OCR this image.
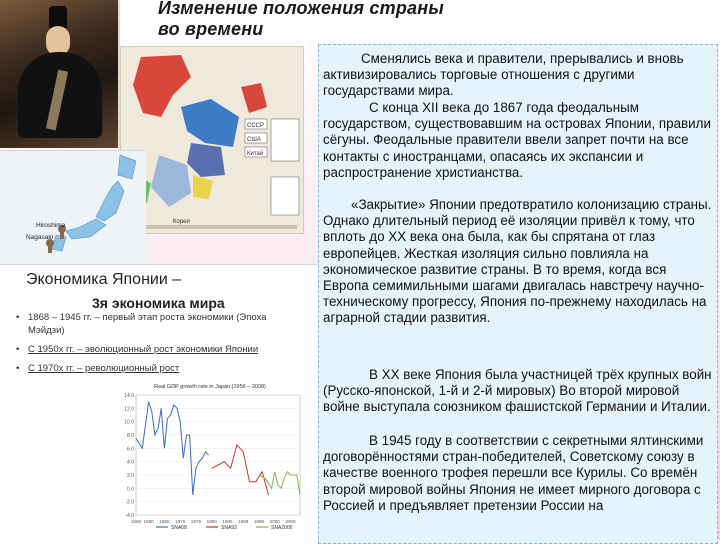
Изменение положения страны во времени
СССР
США
Китай
Корея
Hiroshima
Nagasaki
Экономика Японии –
3я экономика мира
• 1868 – 1945 гг. – первый этап роста экономики (Эпоха Мэйдзи)
• С 1950х гг. – эволюционный рост экономики Японии
• С 1970х гг. – революционный рост
Real GDP growth rate in Japan (1956 – 2008)
14.0
12.0
10.0
8.0
6.0
4.0
2.0
0.0
-2.0
-4.0
1956 1960 1965 1970 1975 1980 1985 1990 1995 2000 2005
SNA68	SNA93	SNA2000

Сменялись века и правители, прерывались и вновь активизировались торговые отношения с другими государствами мира.

С конца XII века до 1867 года феодальным государством, существовавшим на островах Японии, правили сёгуны. Феодальные правители ввели запрет почти на все контакты с иностранцами, опасаясь их экспансии и распространение христианства.

«Закрытие» Японии предотвратило колонизацию страны. Однако длительный период её изоляции привёл к тому, что вплоть до XX века она была, как бы спрятана от глаз европейцев. Жесткая изоляция сильно повлияла на экономическое развитие страны. В то время, когда вся Европа семимильными шагами двигалась навстречу научно-техническому прогрессу, Япония по-прежнему находилась на аграрной стадии развития.

В XX веке Япония была участницей трёх крупных войн (Русско-японской, 1-й и 2-й мировых) Во второй мировой войне выступала союзником фашистской Германии и Италии.

В 1945 году в соответствии с секретными ялтинскими договорённостями стран-победителей, Советскому союзу в качестве военного трофея перешли все Курилы. Со времён второй мировой войны Япония не имеет мирного договора с Россией и предъявляет претензии России на
